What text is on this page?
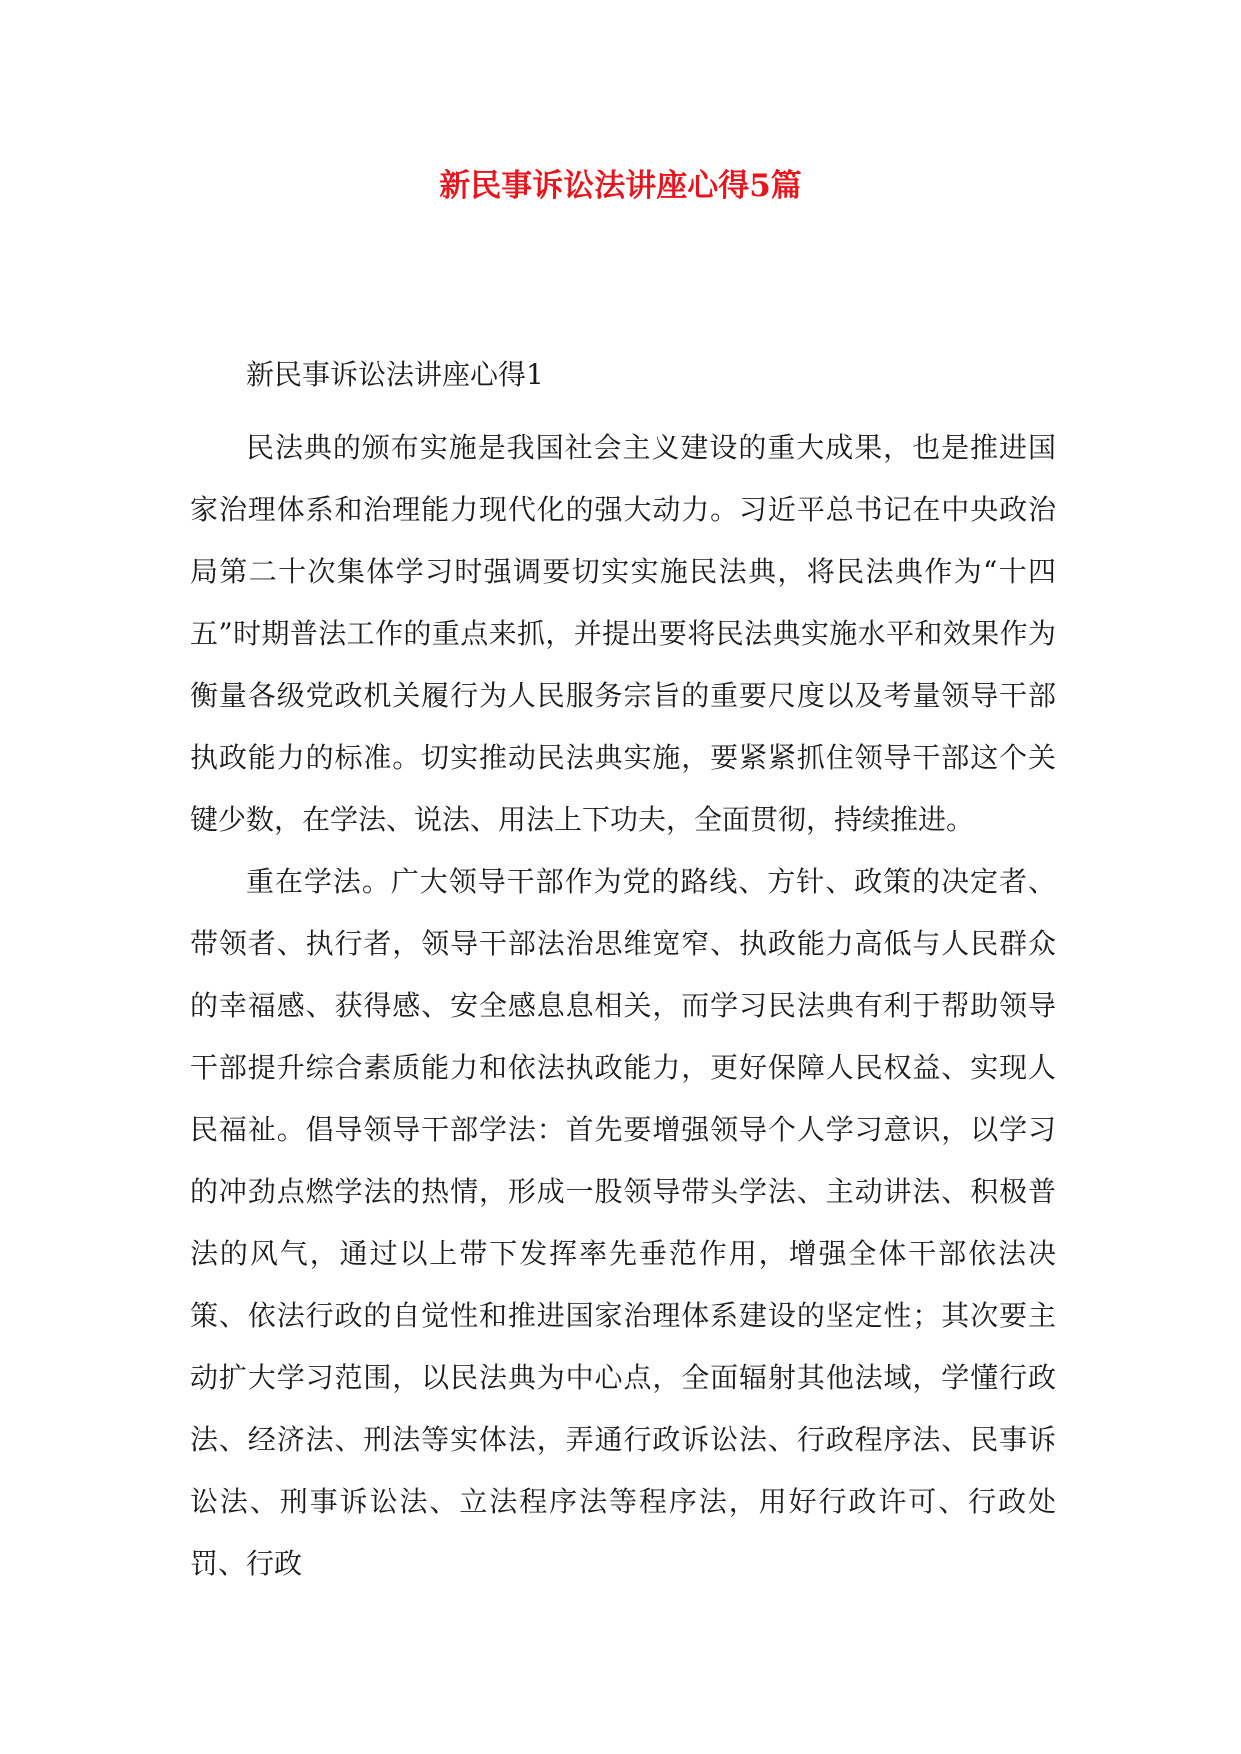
新民事诉讼法讲座心得5篇

新民事诉讼法讲座心得1

民法典的颁布实施是我国社会主义建设的重大成果，也是推进国家治理体系和治理能力现代化的强大动力。习近平总书记在中央政治局第二十次集体学习时强调要切实实施民法典，将民法典作为“十四五”时期普法工作的重点来抓，并提出要将民法典实施水平和效果作为衡量各级党政机关履行为人民服务宗旨的重要尺度以及考量领导干部执政能力的标准。切实推动民法典实施，要紧紧抓住领导干部这个关键少数，在学法、说法、用法上下功夫，全面贯彻，持续推进。

重在学法。广大领导干部作为党的路线、方针、政策的决定者、带领者、执行者，领导干部法治思维宽窄、执政能力高低与人民群众的幸福感、获得感、安全感息息相关，而学习民法典有利于帮助领导干部提升综合素质能力和依法执政能力，更好保障人民权益、实现人民福祉。倡导领导干部学法：首先要增强领导个人学习意识，以学习的冲劲点燃学法的热情，形成一股领导带头学法、主动讲法、积极普法的风气，通过以上带下发挥率先垂范作用，增强全体干部依法决策、依法行政的自觉性和推进国家治理体系建设的坚定性；其次要主动扩大学习范围，以民法典为中心点，全面辐射其他法域，学懂行政法、经济法、刑法等实体法，弄通行政诉讼法、行政程序法、民事诉讼法、刑事诉讼法、立法程序法等程序法，用好行政许可、行政处罚、行政
